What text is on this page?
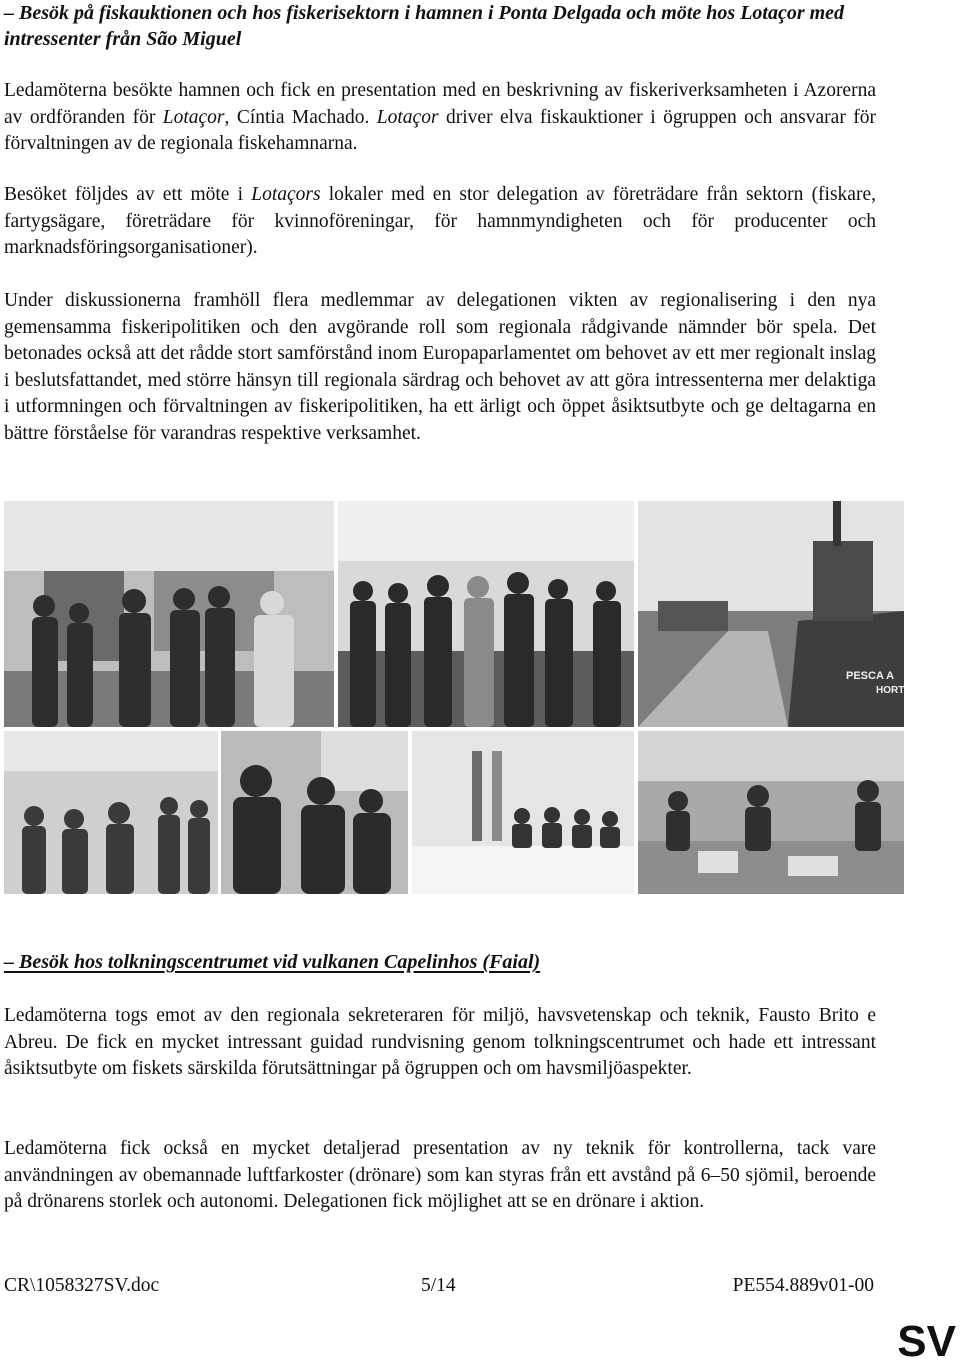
– Besök på fiskauktionen och hos fiskerisektorn i hamnen i Ponta Delgada och möte hos Lotaçor med intressenter från São Miguel

Ledamöterna besökte hamnen och fick en presentation med en beskrivning av fiskeriverksamheten i Azorerna av ordföranden för Lotaçor, Cíntia Machado. Lotaçor driver elva fiskauktioner i ögruppen och ansvarar för förvaltningen av de regionala fiskehamnarna.

Besöket följdes av ett möte i Lotaçors lokaler med en stor delegation av företrädare från sektorn (fiskare, fartygsägare, företrädare för kvinnoföreningar, för hamnmyndigheten och för producenter och marknadsföringsorganisationer).

Under diskussionerna framhöll flera medlemmar av delegationen vikten av regionalisering i den nya gemensamma fiskeripolitiken och den avgörande roll som regionala rådgivande nämnder bör spela. Det betonades också att det rådde stort samförstånd inom Europaparlamentet om behovet av ett mer regionalt inslag i beslutsfattandet, med större hänsyn till regionala särdrag och behovet av att göra intressenterna mer delaktiga i utformningen och förvaltningen av fiskeripolitiken, ha ett ärligt och öppet åsiktsutbyte och ge deltagarna en bättre förståelse för varandras respektive verksamhet.

PESCA A
HORT
– Besök hos tolkningscentrumet vid vulkanen Capelinhos (Faial)

Ledamöterna togs emot av den regionala sekreteraren för miljö, havsvetenskap och teknik, Fausto Brito e Abreu. De fick en mycket intressant guidad rundvisning genom tolkningscentrumet och hade ett intressant åsiktsutbyte om fiskets särskilda förutsättningar på ögruppen och om havsmiljöaspekter.

Ledamöterna fick också en mycket detaljerad presentation av ny teknik för kontrollerna, tack vare användningen av obemannade luftfarkoster (drönare) som kan styras från ett avstånd på 6–50 sjömil, beroende på drönarens storlek och autonomi. Delegationen fick möjlighet att se en drönare i aktion.

CR\1058327SV.doc	5/14	PE554.889v01-00
SV
